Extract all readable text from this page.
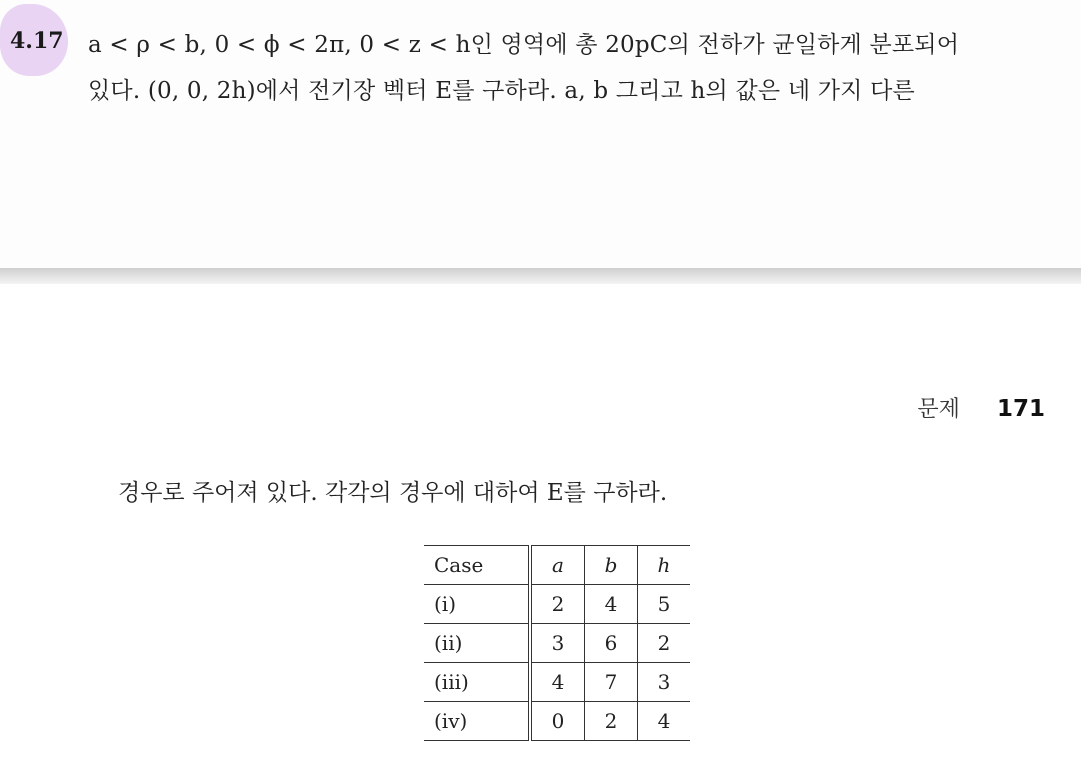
4.17 a < ρ < b, 0 < ϕ < 2π, 0 < z < h인 영역에 총 20pC의 전하가 균일하게 분포되어
있다. (0, 0, 2h)에서 전기장 벡터 E를 구하라. a, b 그리고 h의 값은 네 가지 다른
문제 171
경우로 주어져 있다. 각각의 경우에 대하여 E를 구하라.
Case	a	b	h
(i)	2	4	5
(ii)	3	6	2
(iii)	4	7	3
(iv)	0	2	4
